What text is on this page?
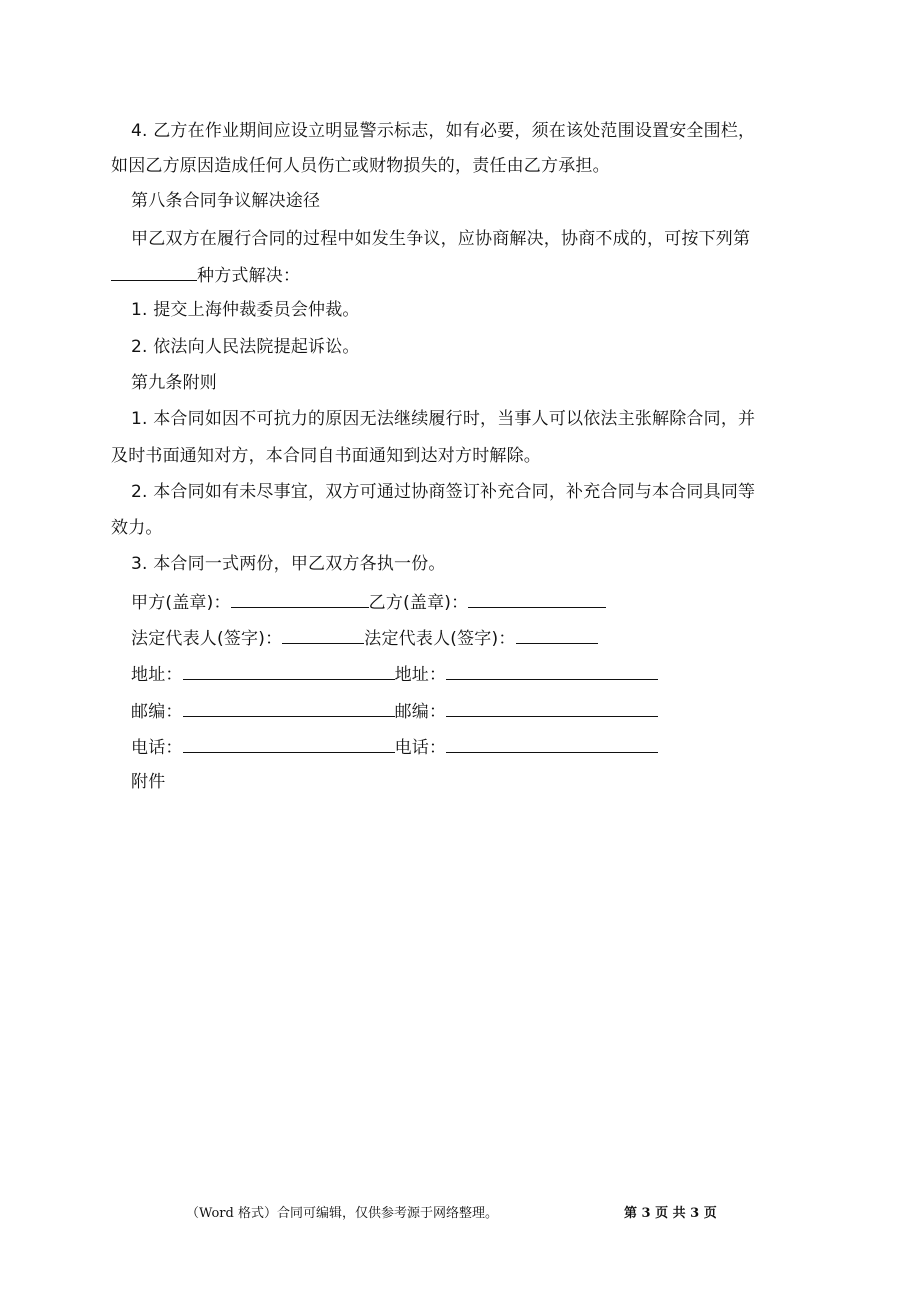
4. 乙方在作业期间应设立明显警示标志，如有必要，须在该处范围设置安全围栏，
如因乙方原因造成任何人员伤亡或财物损失的，责任由乙方承担。
第八条合同争议解决途径
甲乙双方在履行合同的过程中如发生争议，应协商解决，协商不成的，可按下列第
种方式解决：
1. 提交上海仲裁委员会仲裁。
2. 依法向人民法院提起诉讼。
第九条附则
1. 本合同如因不可抗力的原因无法继续履行时，当事人可以依法主张解除合同，并
及时书面通知对方，本合同自书面通知到达对方时解除。
2. 本合同如有未尽事宜，双方可通过协商签订补充合同，补充合同与本合同具同等
效力。
3. 本合同一式两份，甲乙双方各执一份。
甲方(盖章)：	乙方(盖章)：
法定代表人(签字)：	法定代表人(签字)：
地址：	地址：
邮编：	邮编：
电话：	电话：
附件
（Word 格式）合同可编辑，仅供参考源于网络整理。	第 3 页 共 3 页
